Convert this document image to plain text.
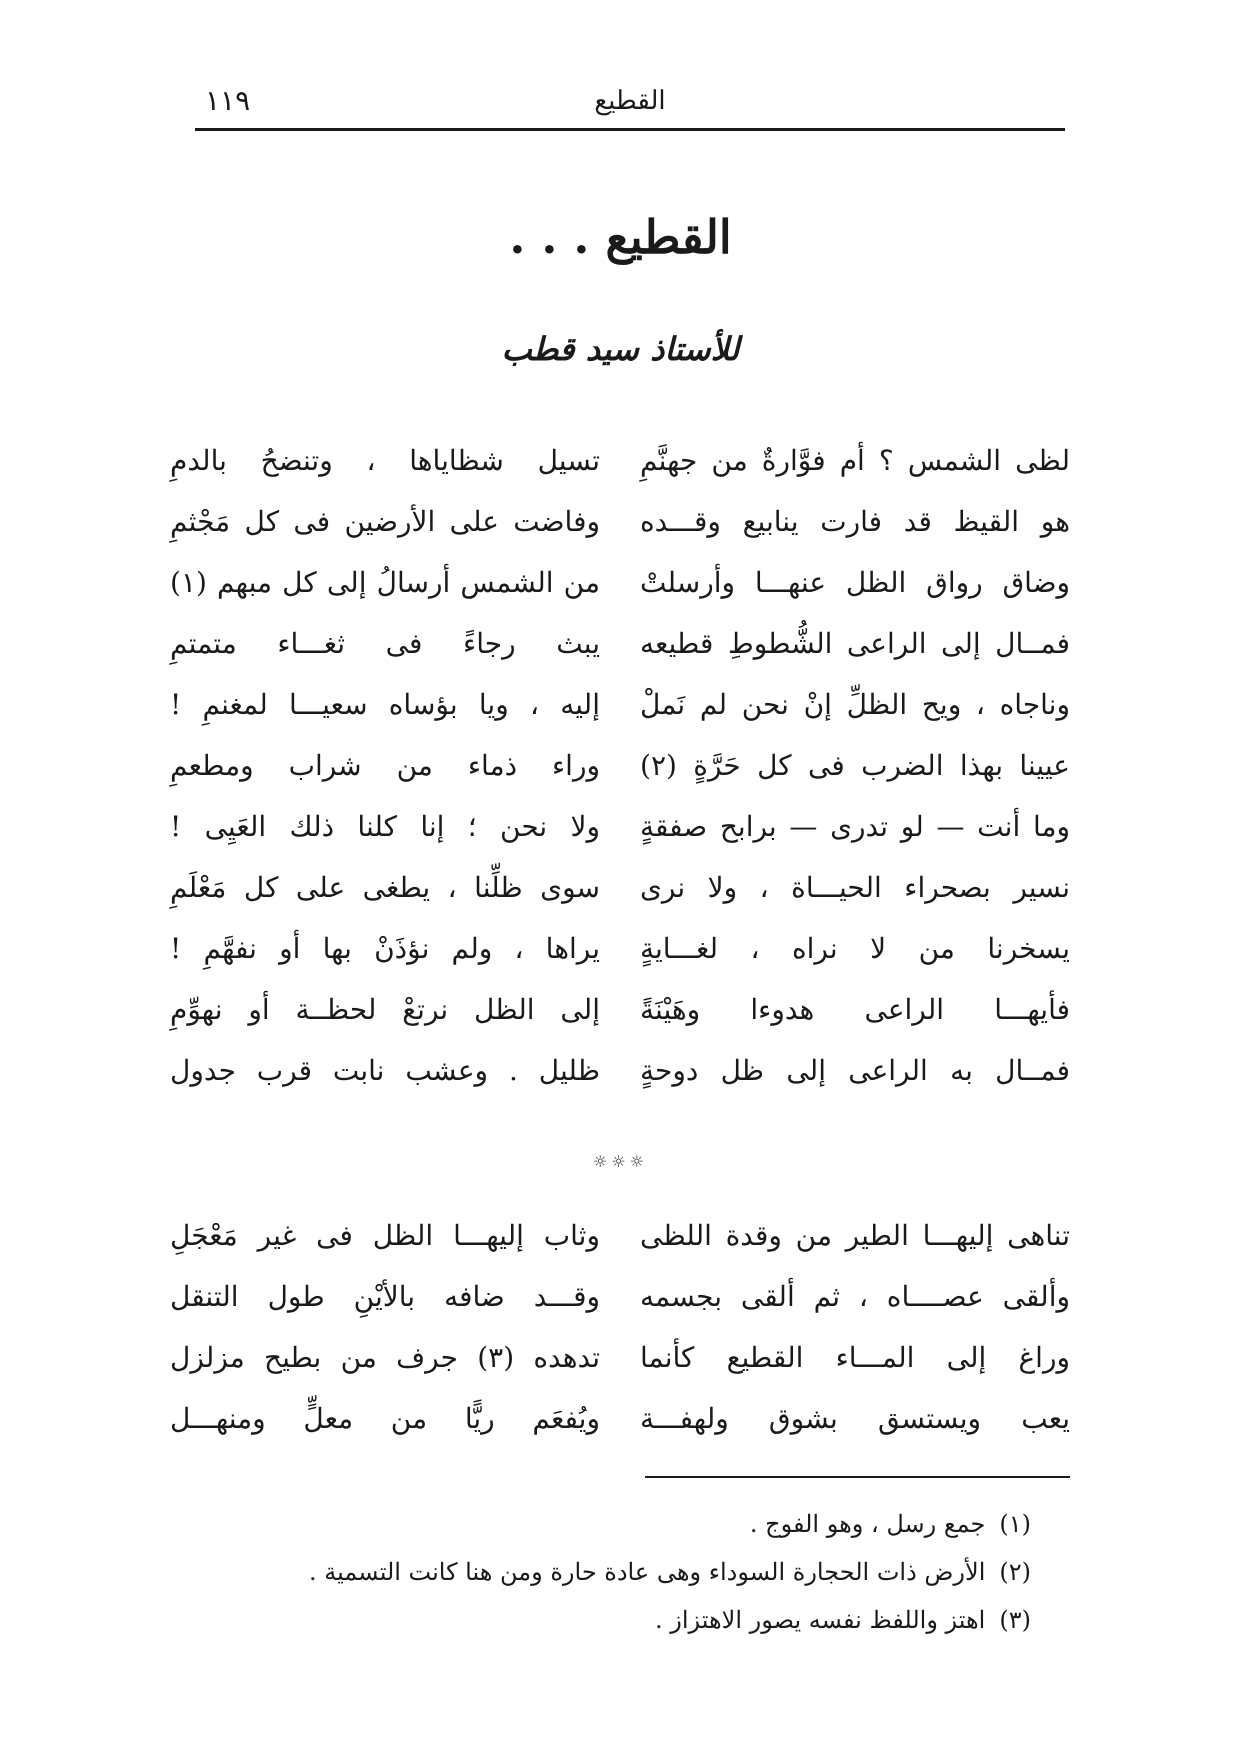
القطيع
١١٩
القطيع . . .
للأستاذ سيد قطب
لظى الشمس ؟ أم فوَّارةٌ من جهنَّمِ
تسيل شظاياها ، وتنضحُ بالدمِ
هو القيظ قد فارت ينابيع وقـــده
وفاضت على الأرضين فى كل مَجْثمِ
وضاق رواق الظل عنهـــا وأرسلتْ
من الشمس أرسالُ إلى كل مبهم (١)
فمــال إلى الراعى الشُّطوطِ قطيعه
يبث رجاءً فى ثغـــاء متمتمِ
وناجاه ، ويح الظلِّ إنْ نحن لم نَملْ
إليه ، ويا بؤساه سعيـــا لمغنمِ !
عيينا بهذا الضرب فى كل حَرَّةٍ (٢)
وراء ذماء من شراب ومطعمِ
وما أنت — لو تدرى — برابح صفقةٍ
ولا نحن ؛ إنا كلنا ذلك العَيِى !
نسير بصحراء الحيـــاة ، ولا نرى
سوى ظلِّنا ، يطغى على كل مَعْلَمِ
يسخرنا من لا نراه ، لغـــايةٍ
يراها ، ولم نؤذَنْ بها أو نفهَّمِ !
فأيهـــا الراعى هدوءا وهَيْنَةً
إلى الظل نرتعْ لحظــة أو نهوِّمِ
فمــال به الراعى إلى ظل دوحةٍ
ظليل . وعشب نابت قرب جدول
☼☼☼
تناهى إليهـــا الطير من وقدة اللظى
وثاب إليهـــا الظل فى غير مَعْجَلِ
وألقى عصــــاه ، ثم ألقى بجسمه
وقـــد ضافه بالأيْنِ طول التنقل
وراغ إلى المـــاء القطيع كأنما
تدهده (٣) جرف من بطيح مزلزل
يعب ويستسق بشوق ولهفـــة
ويُفعَم ريًّا من معلٍّ ومنهـــل
(١)جمع رسل ، وهو الفوج .
(٢)الأرض ذات الحجارة السوداء وهى عادة حارة ومن هنا كانت التسمية .
(٣)اهتز واللفظ نفسه يصور الاهتزاز .
